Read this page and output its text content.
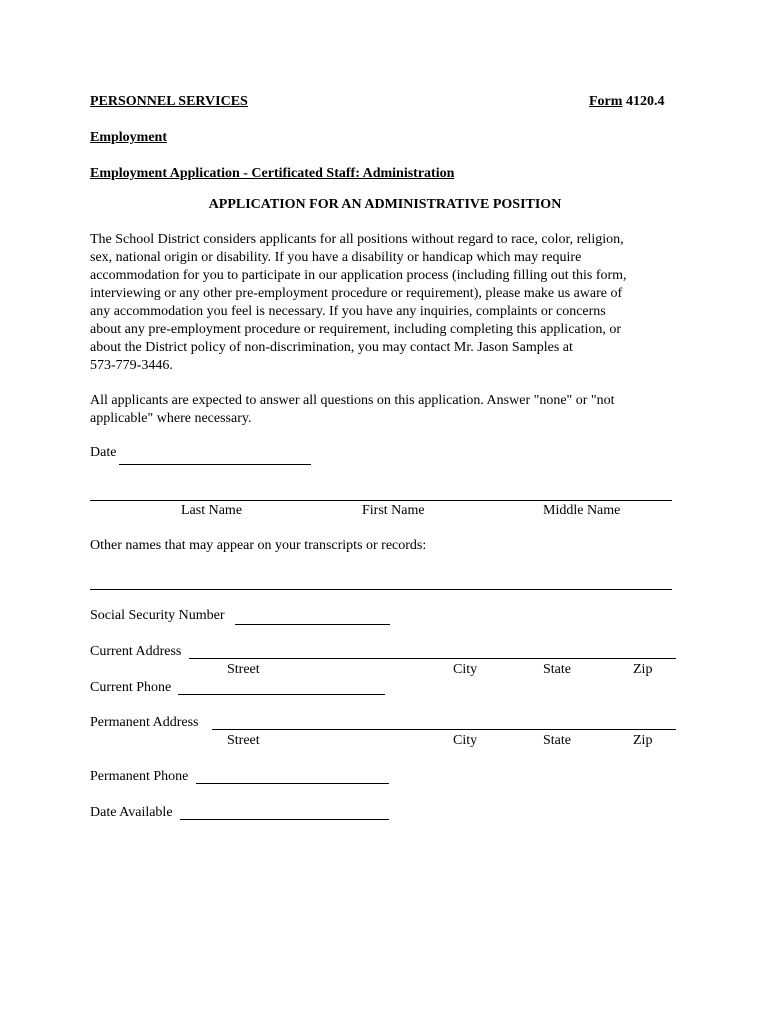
PERSONNEL SERVICES	Form 4120.4
Employment
Employment Application - Certificated Staff: Administration
APPLICATION FOR AN ADMINISTRATIVE POSITION
The School District considers applicants for all positions without regard to race, color, religion,
sex, national origin or disability. If you have a disability or handicap which may require
accommodation for you to participate in our application process (including filling out this form,
interviewing or any other pre-employment procedure or requirement), please make us aware of
any accommodation you feel is necessary. If you have any inquiries, complaints or concerns
about any pre-employment procedure or requirement, including completing this application, or
about the District policy of non-discrimination, you may contact Mr. Jason Samples at
573-779-3446.
All applicants are expected to answer all questions on this application. Answer "none" or "not
applicable" where necessary.
Date
Last Name	First Name	Middle Name
Other names that may appear on your transcripts or records:
Social Security Number
Current Address
Street	City	State	Zip
Current Phone
Permanent Address
Street	City	State	Zip
Permanent Phone
Date Available
